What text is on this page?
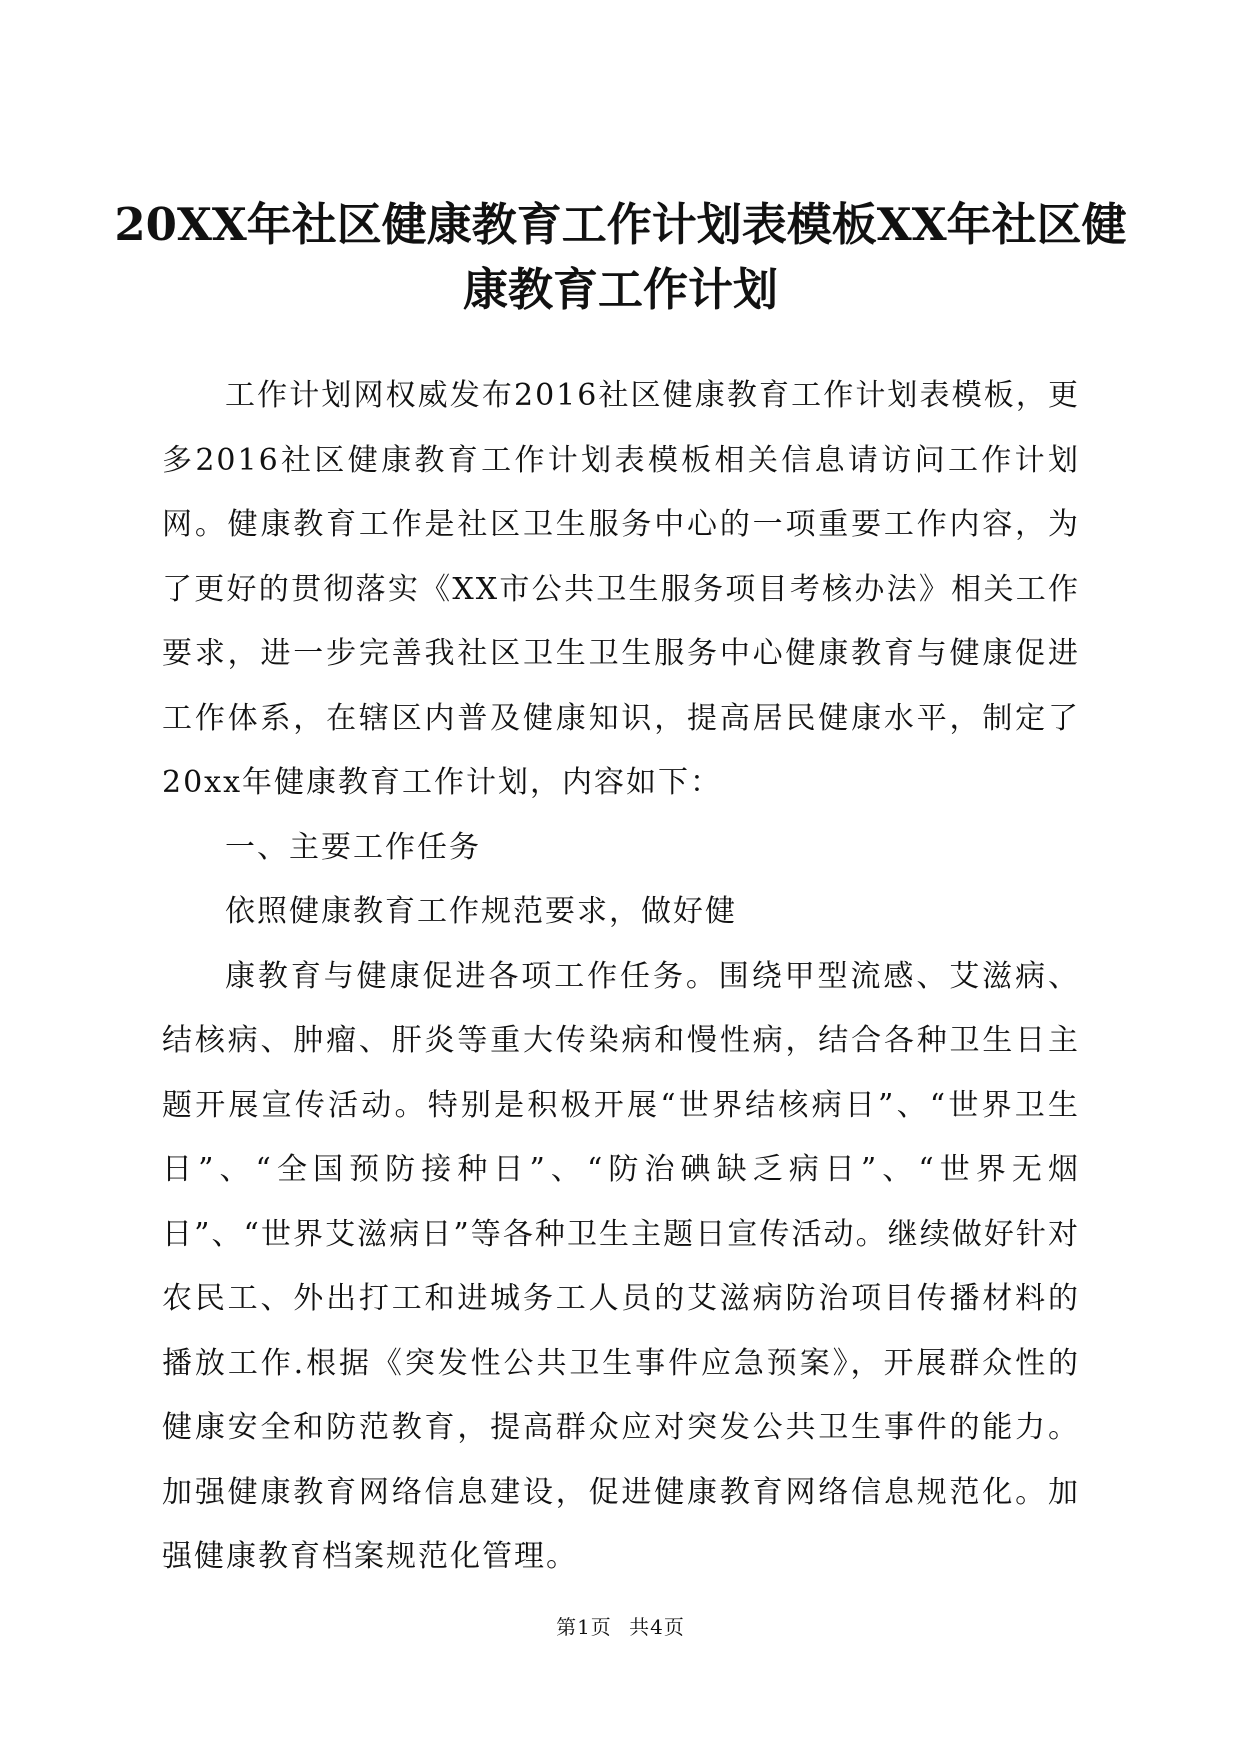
20XX年社区健康教育工作计划表模板XX年社区健康教育工作计划

工作计划网权威发布2016社区健康教育工作计划表模板，更多2016社区健康教育工作计划表模板相关信息请访问工作计划网。健康教育工作是社区卫生服务中心的一项重要工作内容，为了更好的贯彻落实《XX市公共卫生服务项目考核办法》相关工作要求，进一步完善我社区卫生卫生服务中心健康教育与健康促进工作体系，在辖区内普及健康知识，提高居民健康水平，制定了20xx年健康教育工作计划，内容如下：

一、主要工作任务

依照健康教育工作规范要求，做好健

康教育与健康促进各项工作任务。围绕甲型流感、艾滋病、结核病、肿瘤、肝炎等重大传染病和慢性病，结合各种卫生日主题开展宣传活动。特别是积极开展“世界结核病日”、“世界卫生日”、“全国预防接种日”、“防治碘缺乏病日”、“世界无烟日”、“世界艾滋病日”等各种卫生主题日宣传活动。继续做好针对农民工、外出打工和进城务工人员的艾滋病防治项目传播材料的播放工作.根据《突发性公共卫生事件应急预案》，开展群众性的健康安全和防范教育，提高群众应对突发公共卫生事件的能力。加强健康教育网络信息建设，促进健康教育网络信息规范化。加强健康教育档案规范化管理。

第1页 共4页
